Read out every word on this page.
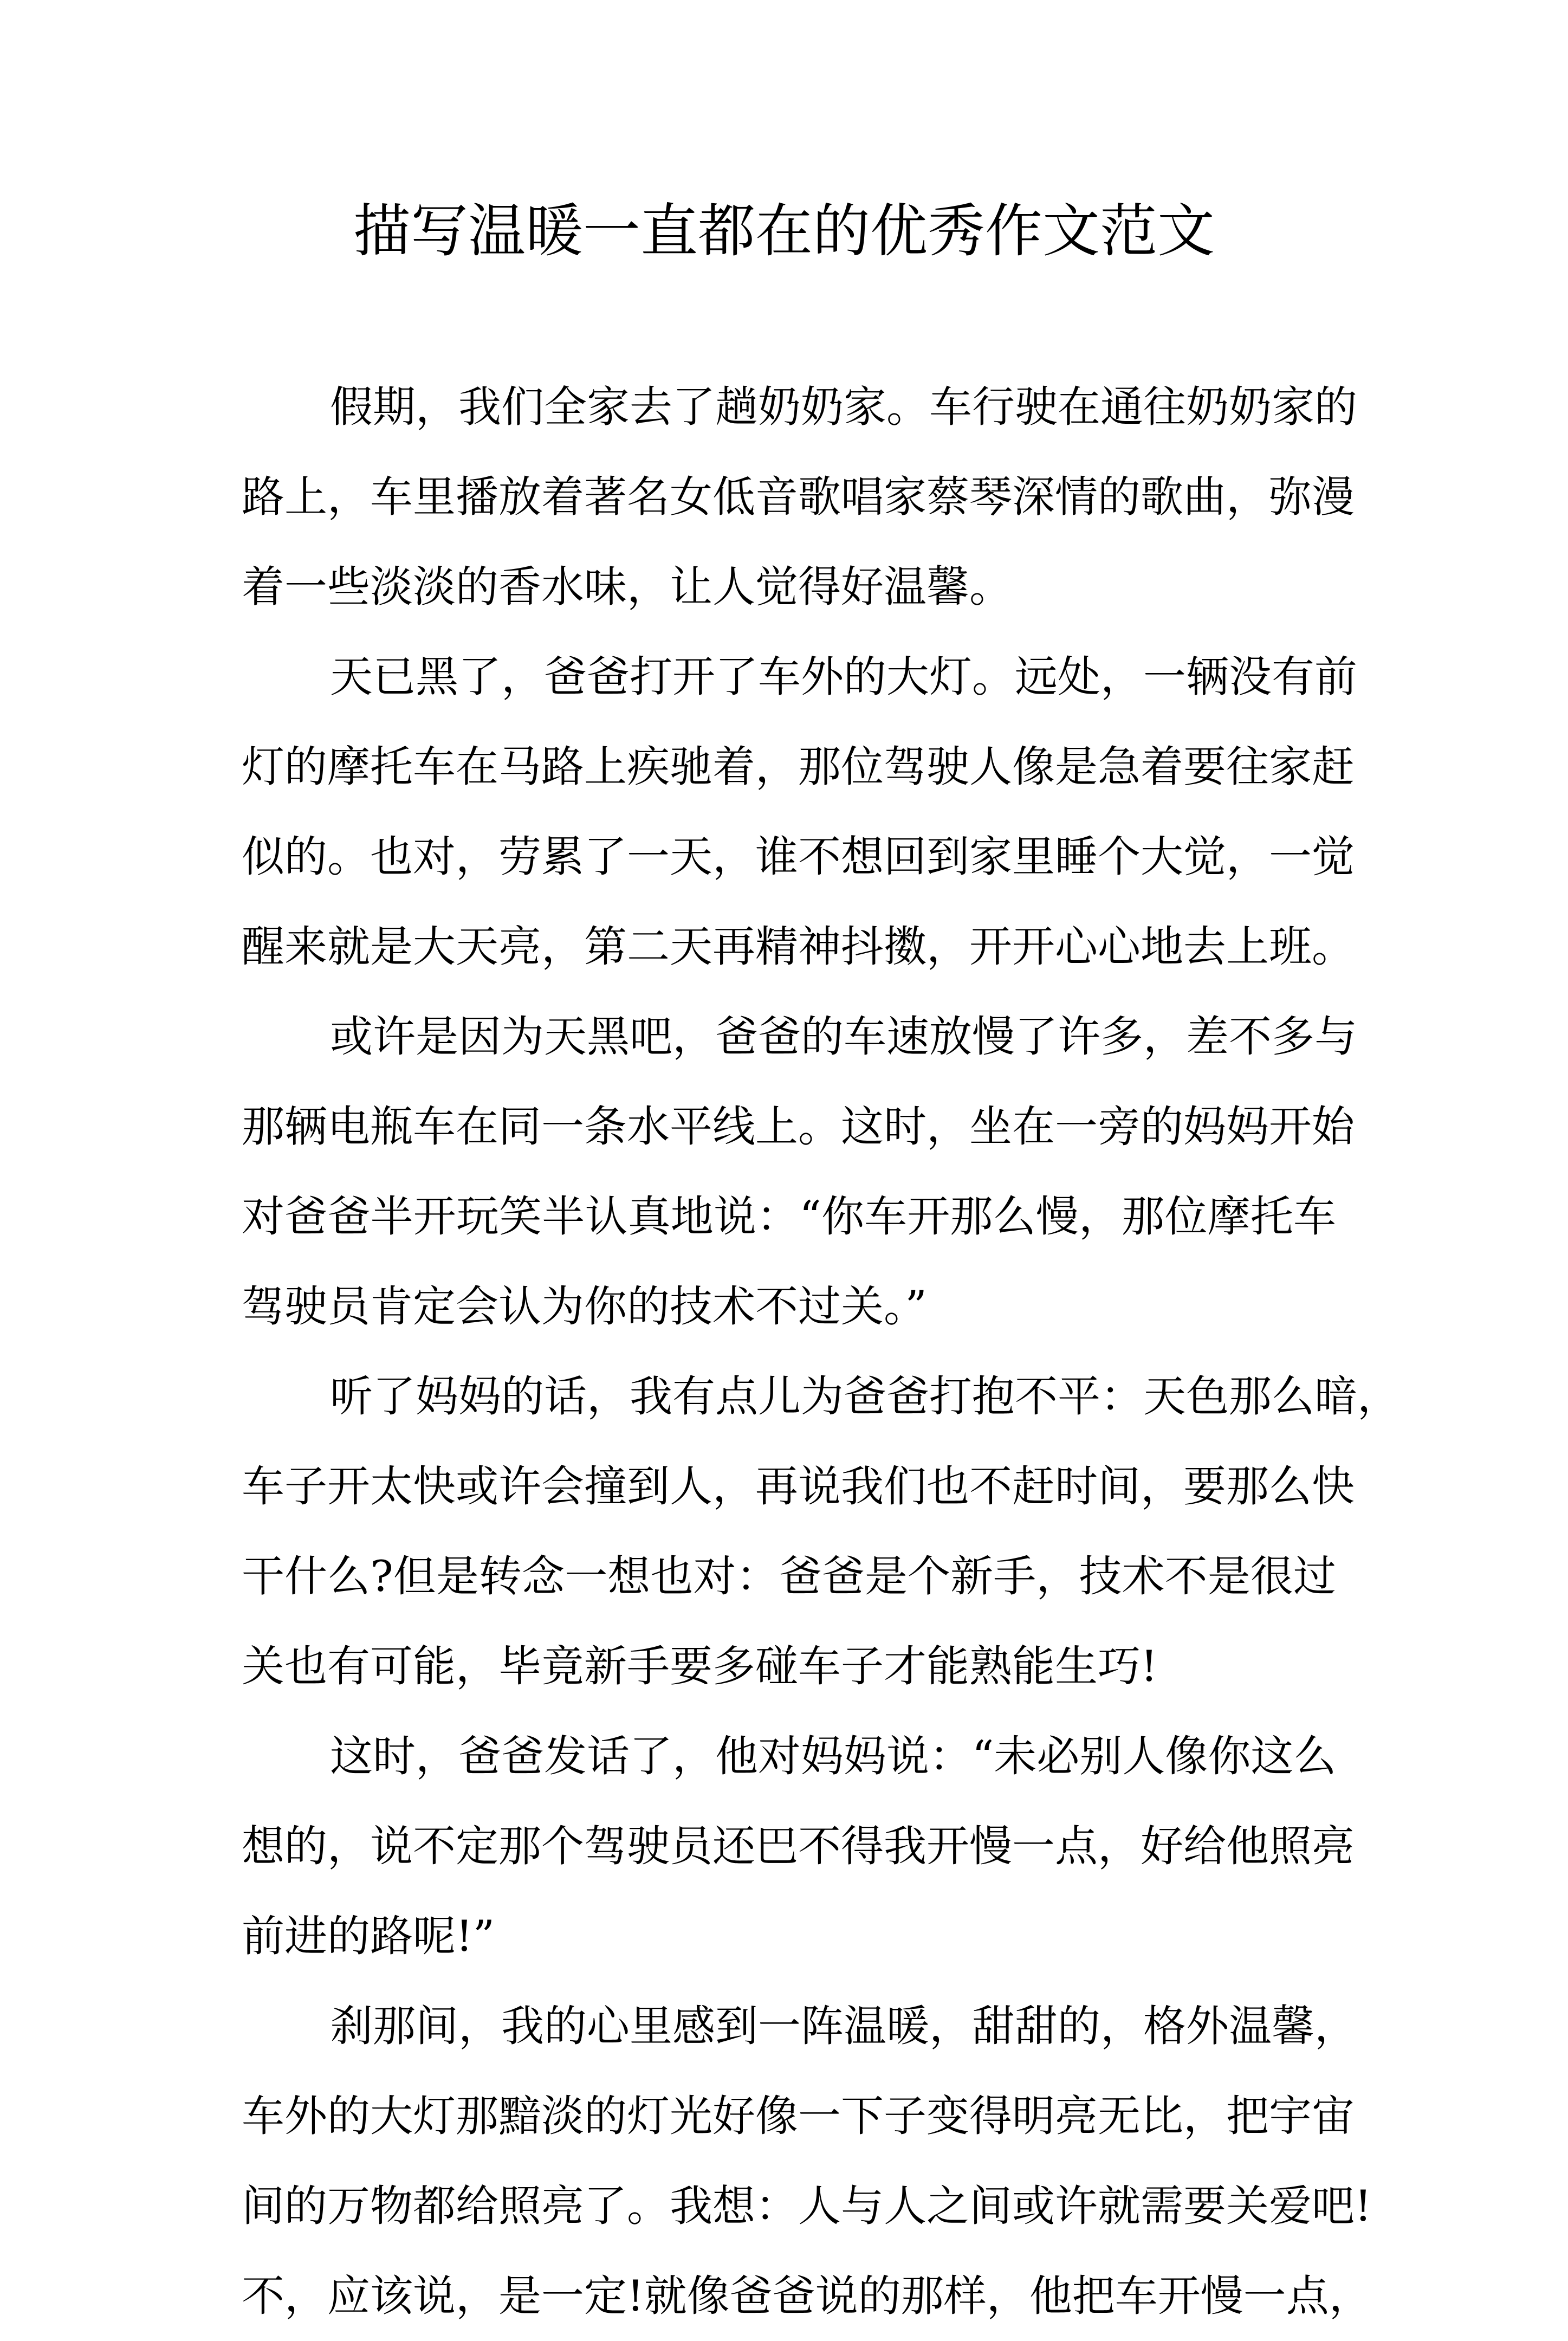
描写温暖一直都在的优秀作文范文
假期，我们全家去了趟奶奶家。车行驶在通往奶奶家的
路上，车里播放着著名女低音歌唱家蔡琴深情的歌曲，弥漫
着一些淡淡的香水味，让人觉得好温馨。
天已黑了，爸爸打开了车外的大灯。远处，一辆没有前
灯的摩托车在马路上疾驰着，那位驾驶人像是急着要往家赶
似的。也对，劳累了一天，谁不想回到家里睡个大觉，一觉
醒来就是大天亮，第二天再精神抖擞，开开心心地去上班。
或许是因为天黑吧，爸爸的车速放慢了许多，差不多与
那辆电瓶车在同一条水平线上。这时，坐在一旁的妈妈开始
对爸爸半开玩笑半认真地说：“你车开那么慢，那位摩托车
驾驶员肯定会认为你的技术不过关。”
听了妈妈的话，我有点儿为爸爸打抱不平：天色那么暗，
车子开太快或许会撞到人，再说我们也不赶时间，要那么快
干什么?但是转念一想也对：爸爸是个新手，技术不是很过
关也有可能，毕竟新手要多碰车子才能熟能生巧!
这时，爸爸发话了，他对妈妈说：“未必别人像你这么
想的，说不定那个驾驶员还巴不得我开慢一点，好给他照亮
前进的路呢!”
刹那间，我的心里感到一阵温暖，甜甜的，格外温馨，
车外的大灯那黯淡的灯光好像一下子变得明亮无比，把宇宙
间的万物都给照亮了。我想：人与人之间或许就需要关爱吧!
不，应该说，是一定!就像爸爸说的那样，他把车开慢一点，
